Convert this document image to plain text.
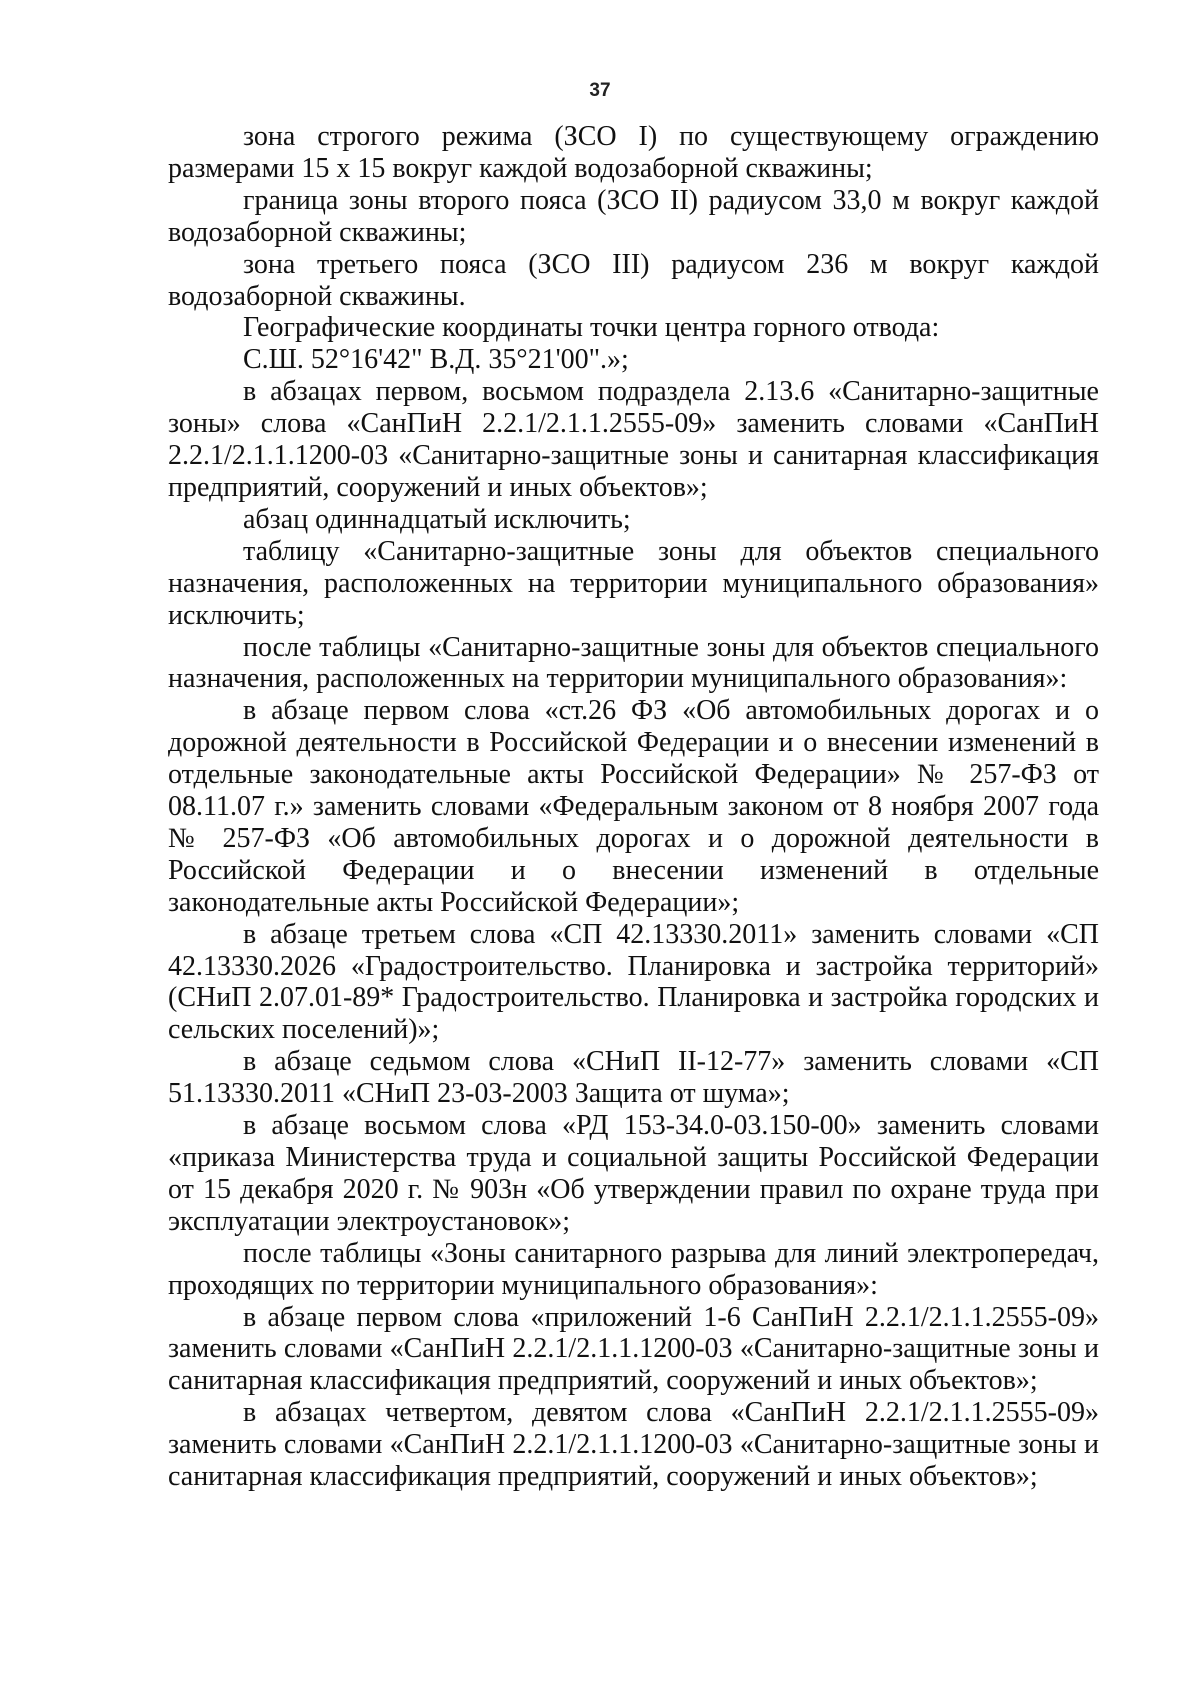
37

зона строгого режима (ЗСО I) по существующему ограждению размерами 15 х 15 вокруг каждой водозаборной скважины;

граница зоны второго пояса (ЗСО II) радиусом 33,0 м вокруг каждой водозаборной скважины;

зона третьего пояса (ЗСО III) радиусом 236 м вокруг каждой водозаборной скважины.

Географические координаты точки центра горного отвода:

С.Ш. 52°16'42" В.Д. 35°21'00".»;

в абзацах первом, восьмом подраздела 2.13.6 «Санитарно-защитные зоны» слова «СанПиН 2.2.1/2.1.1.2555-09» заменить словами «СанПиН 2.2.1/2.1.1.1200-03 «Санитарно-защитные зоны и санитарная классификация предприятий, сооружений и иных объектов»;

абзац одиннадцатый исключить;

таблицу «Санитарно-защитные зоны для объектов специального назначения, расположенных на территории муниципального образования» исключить;

после таблицы «Санитарно-защитные зоны для объектов специального назначения, расположенных на территории муниципального образования»:

в абзаце первом слова «ст.26 ФЗ «Об автомобильных дорогах и о дорожной деятельности в Российской Федерации и о внесении изменений в отдельные законодательные акты Российской Федерации» № 257-ФЗ от 08.11.07 г.» заменить словами «Федеральным законом от 8 ноября 2007 года № 257-ФЗ «Об автомобильных дорогах и о дорожной деятельности в Российской Федерации и о внесении изменений в отдельные законодательные акты Российской Федерации»;

в абзаце третьем слова «СП 42.13330.2011» заменить словами «СП 42.13330.2026 «Градостроительство. Планировка и застройка территорий» (СНиП 2.07.01-89* Градостроительство. Планировка и застройка городских и сельских поселений)»;

в абзаце седьмом слова «СНиП II-12-77» заменить словами «СП 51.13330.2011 «СНиП 23-03-2003 Защита от шума»;

в абзаце восьмом слова «РД 153-34.0-03.150-00» заменить словами «приказа Министерства труда и социальной защиты Российской Федерации от 15 декабря 2020 г. № 903н «Об утверждении правил по охране труда при эксплуатации электроустановок»;

после таблицы «Зоны санитарного разрыва для линий электропередач, проходящих по территории муниципального образования»:

в абзаце первом слова «приложений 1-6 СанПиН 2.2.1/2.1.1.2555-09» заменить словами «СанПиН 2.2.1/2.1.1.1200-03 «Санитарно-защитные зоны и санитарная классификация предприятий, сооружений и иных объектов»;

в абзацах четвертом, девятом слова «СанПиН 2.2.1/2.1.1.2555-09» заменить словами «СанПиН 2.2.1/2.1.1.1200-03 «Санитарно-защитные зоны и санитарная классификация предприятий, сооружений и иных объектов»;
